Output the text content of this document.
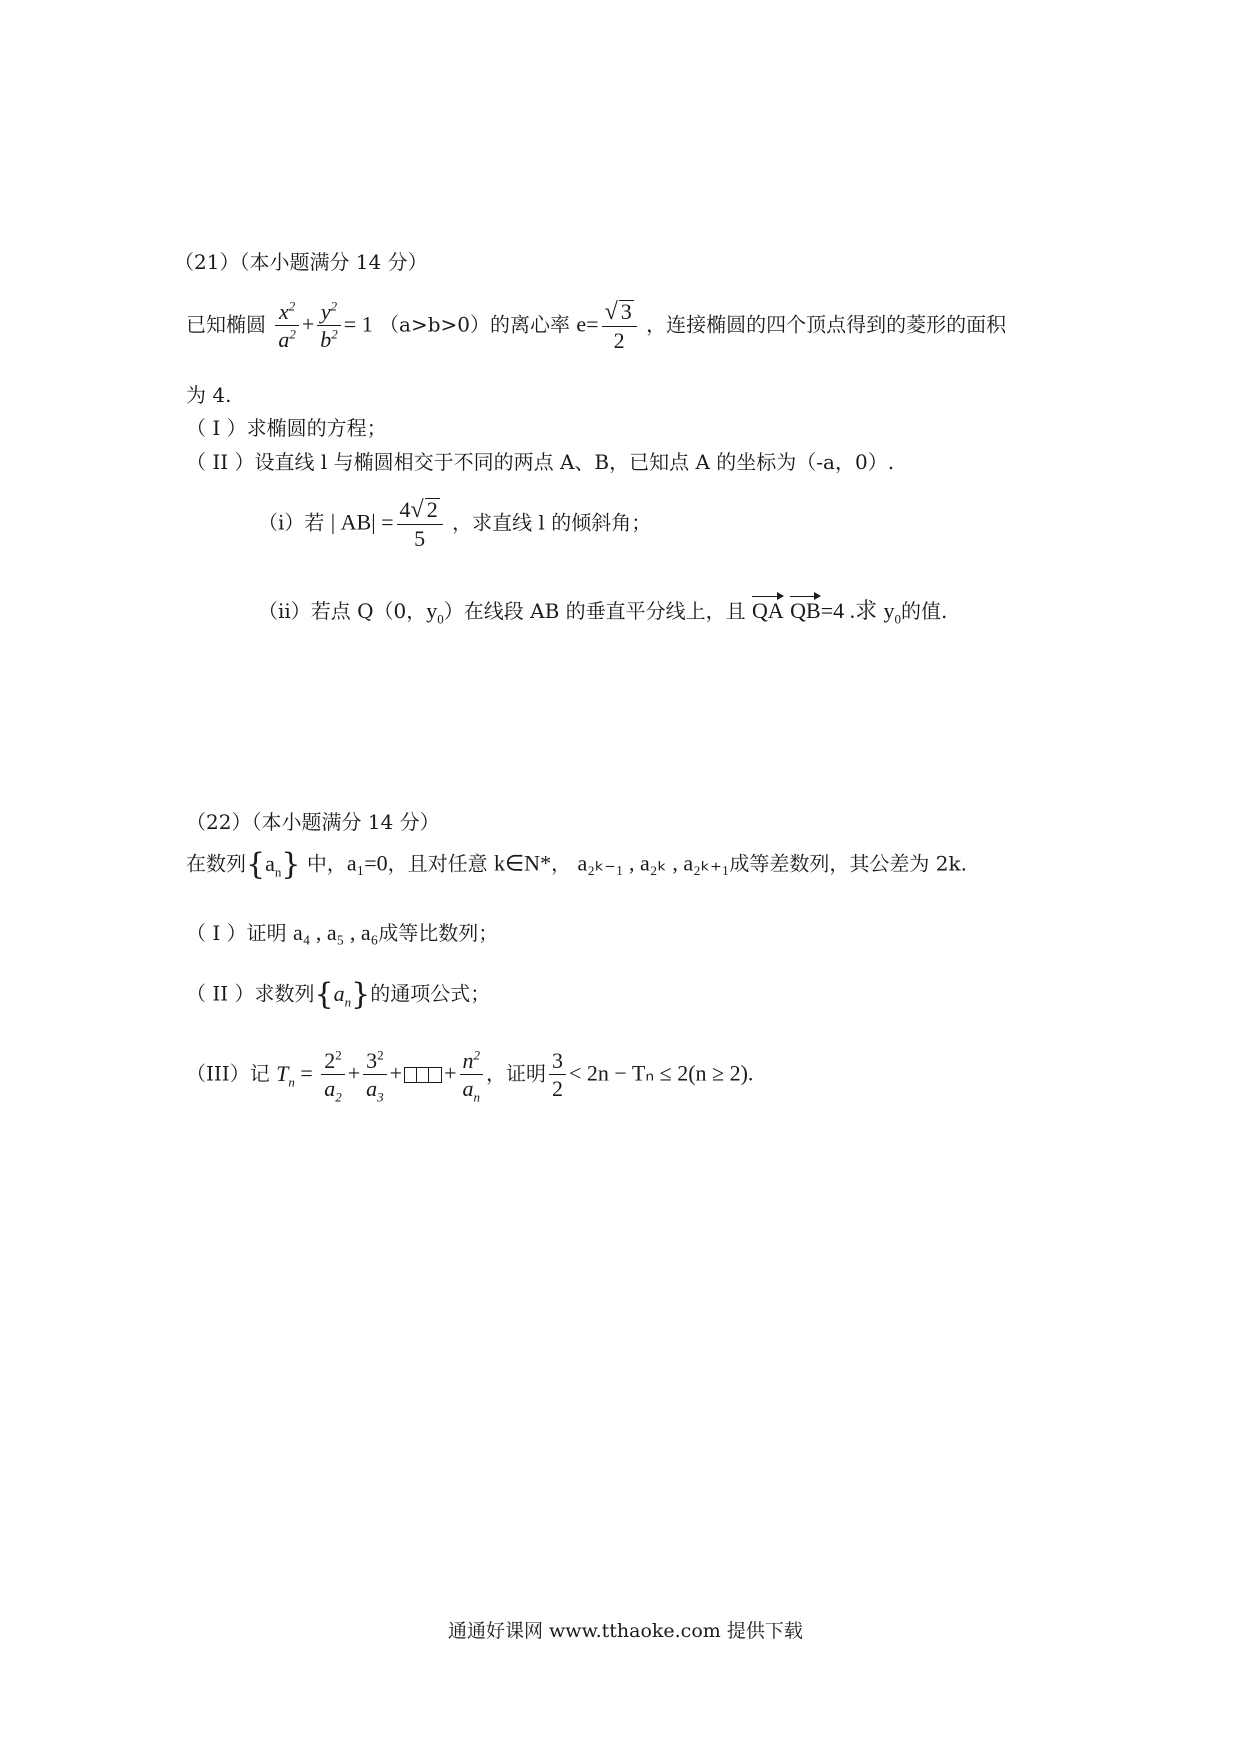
（21）（本小题满分 14 分）
已知椭圆 $\frac{x^2}{a^2} + \frac{y^2}{b^2} = 1$ （a>b>0）的离心率 $e= \frac{√ 3}{2}$ ，连接椭圆的四个顶点得到的菱形的面积
为 4.
（ I ）求椭圆的方程；
（ II ）设直线 l 与椭圆相交于不同的两点 A、B，已知点 A 的坐标为（-a，0）.
（i）若 | $AB| = \frac{4√ 2}{5}$ ，求直线 l 的倾斜角；
（ii）若点 Q（0，$y_0$）在线段 AB 的垂直平分线上，且 QA QB=4 .求 $y_0$的值.
（22）（本小题满分 14 分）
在数列$\{a_n\}$ 中，a₁=0，且对任意 k∈N*， a₂ₖ₋₁ , a₂ₖ , a₂ₖ₊₁成等差数列，其公差为 2k.
（ I ）证明 a₄ , a₅ , a₆成等比数列；
（ II ）求数列$\{a_n\}$的通项公式；
（III）记 $T_n = \frac{2^2}{a_2} + \frac{3^2}{a_3}$ + + $\frac{n^2}{a_n}$ ，证明 $\frac{3}{2} < 2n - T_n \le 2(n \ge 2)$.
通通好课网 www.tthaoke.com 提供下载
